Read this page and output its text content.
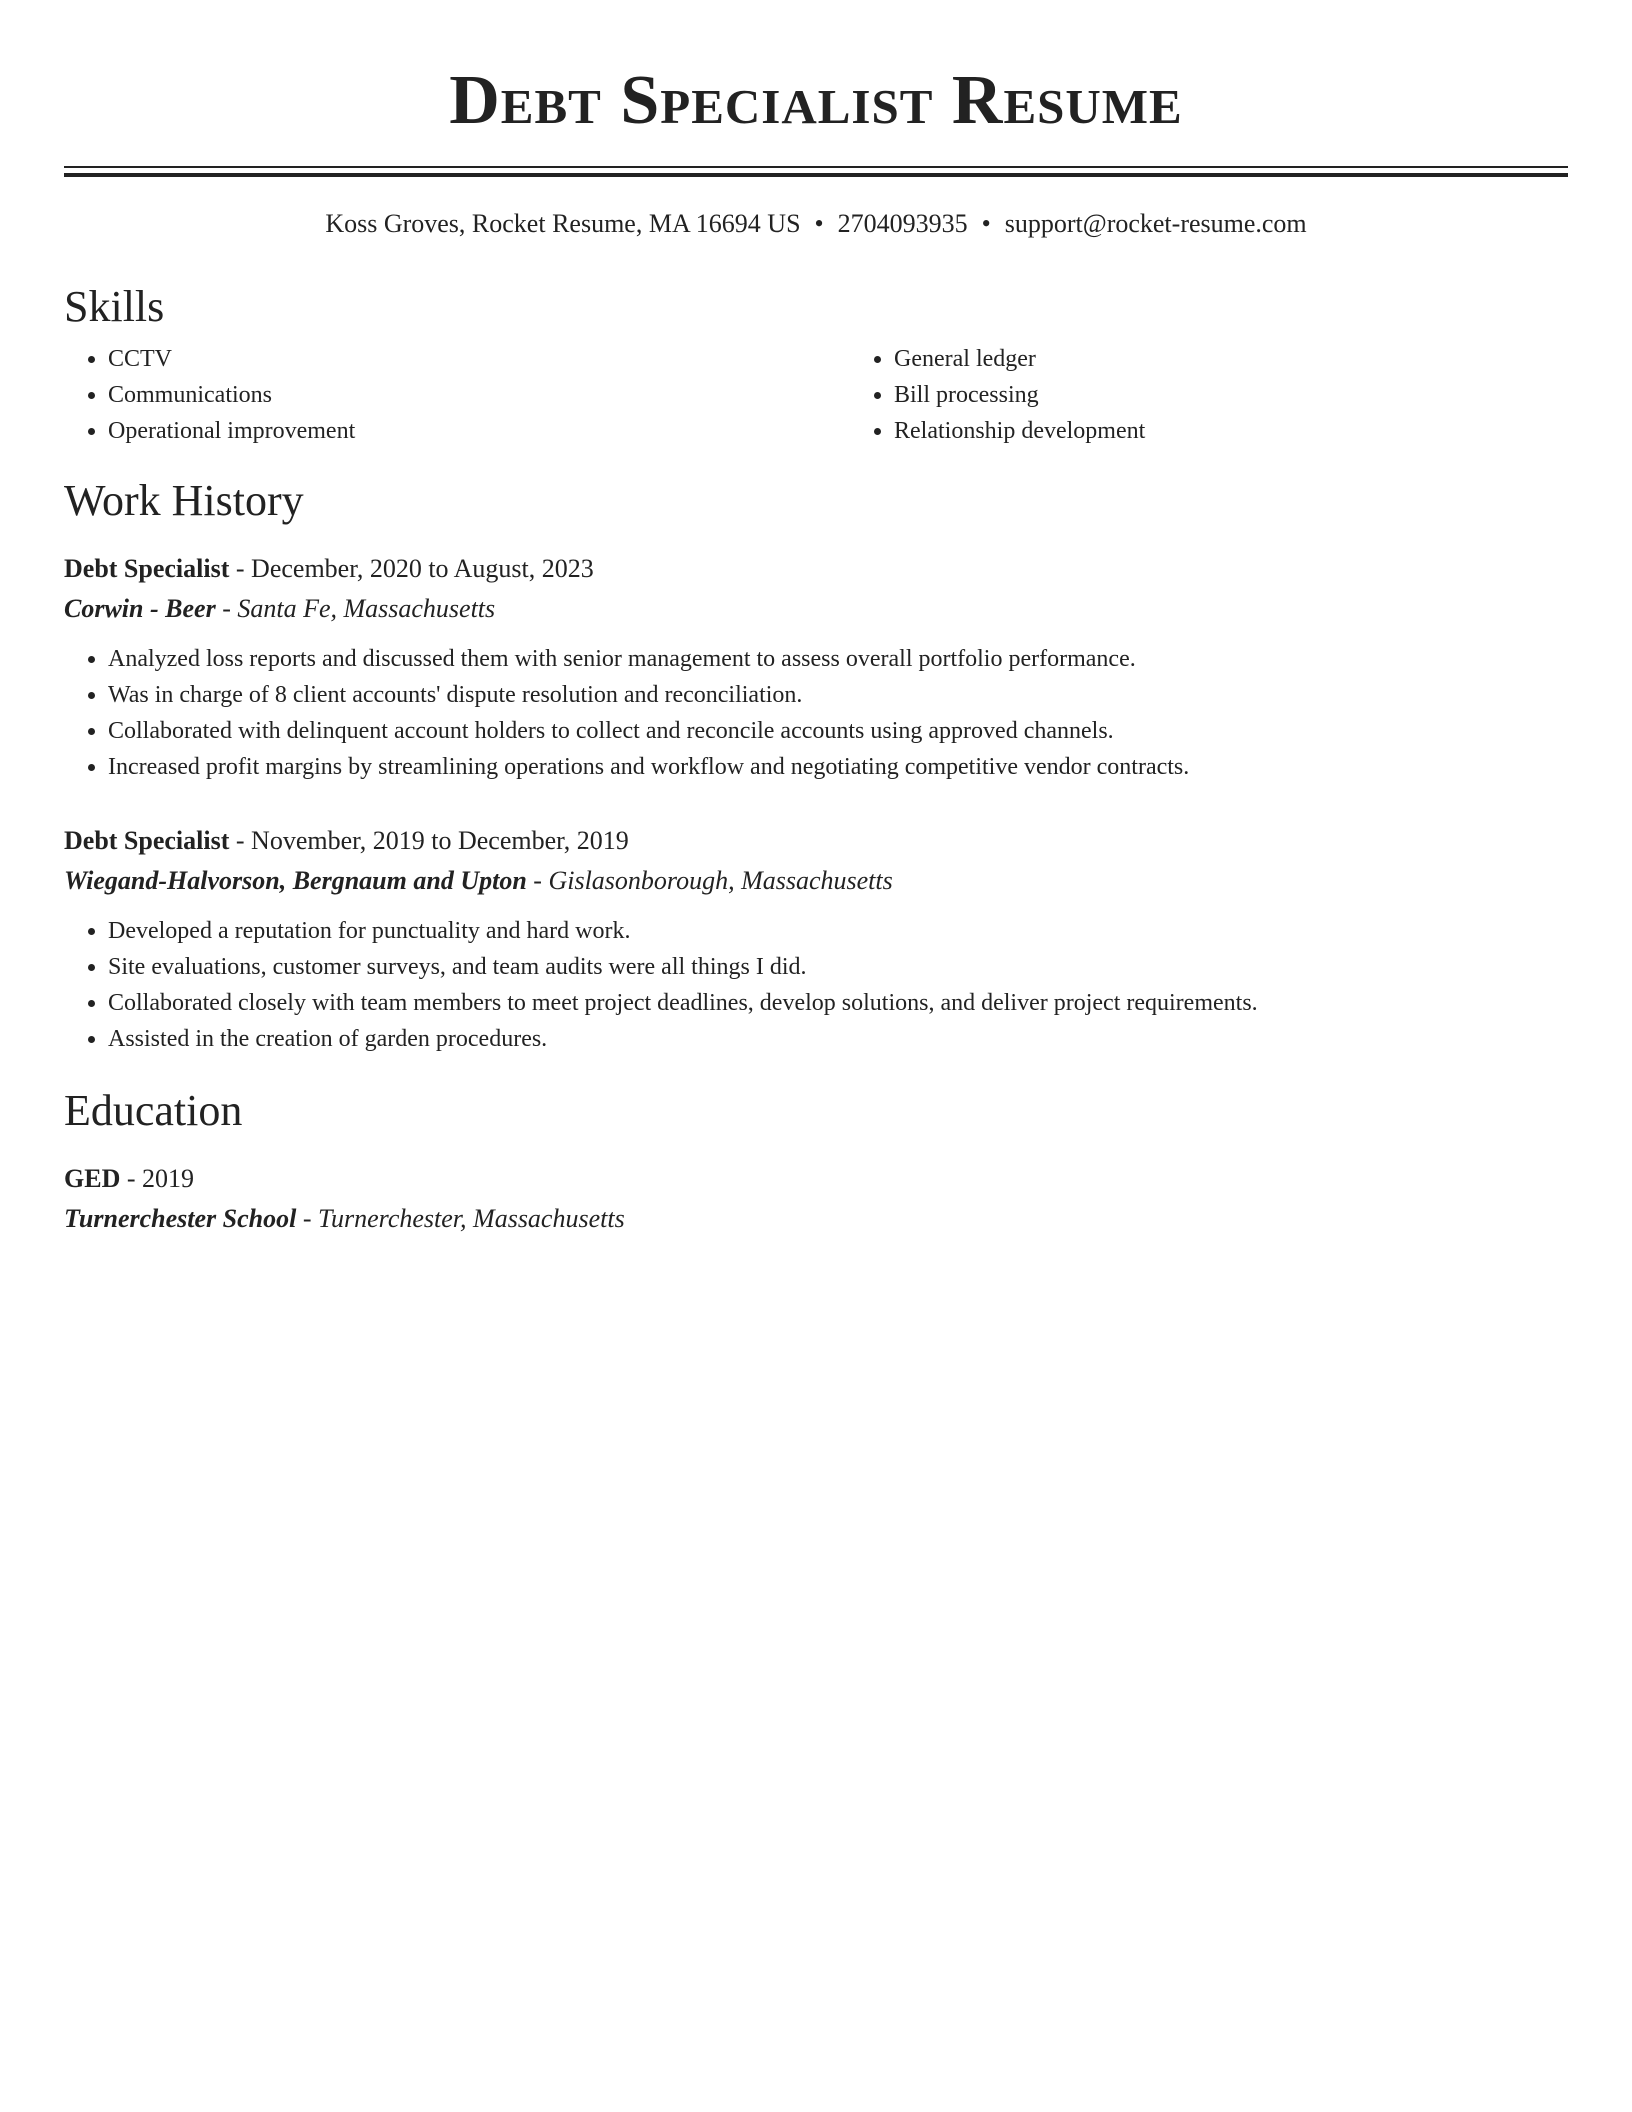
Debt Specialist Resume
Koss Groves, Rocket Resume, MA 16694 US • 2704093935 • support@rocket-resume.com
Skills
• CCTV
• Communications
• Operational improvement
• General ledger
• Bill processing
• Relationship development
Work History
Debt Specialist - December, 2020 to August, 2023
Corwin - Beer - Santa Fe, Massachusetts
• Analyzed loss reports and discussed them with senior management to assess overall portfolio performance.
• Was in charge of 8 client accounts' dispute resolution and reconciliation.
• Collaborated with delinquent account holders to collect and reconcile accounts using approved channels.
• Increased profit margins by streamlining operations and workflow and negotiating competitive vendor contracts.
Debt Specialist - November, 2019 to December, 2019
Wiegand-Halvorson, Bergnaum and Upton - Gislasonborough, Massachusetts
• Developed a reputation for punctuality and hard work.
• Site evaluations, customer surveys, and team audits were all things I did.
• Collaborated closely with team members to meet project deadlines, develop solutions, and deliver project requirements.
• Assisted in the creation of garden procedures.
Education
GED - 2019
Turnerchester School - Turnerchester, Massachusetts
